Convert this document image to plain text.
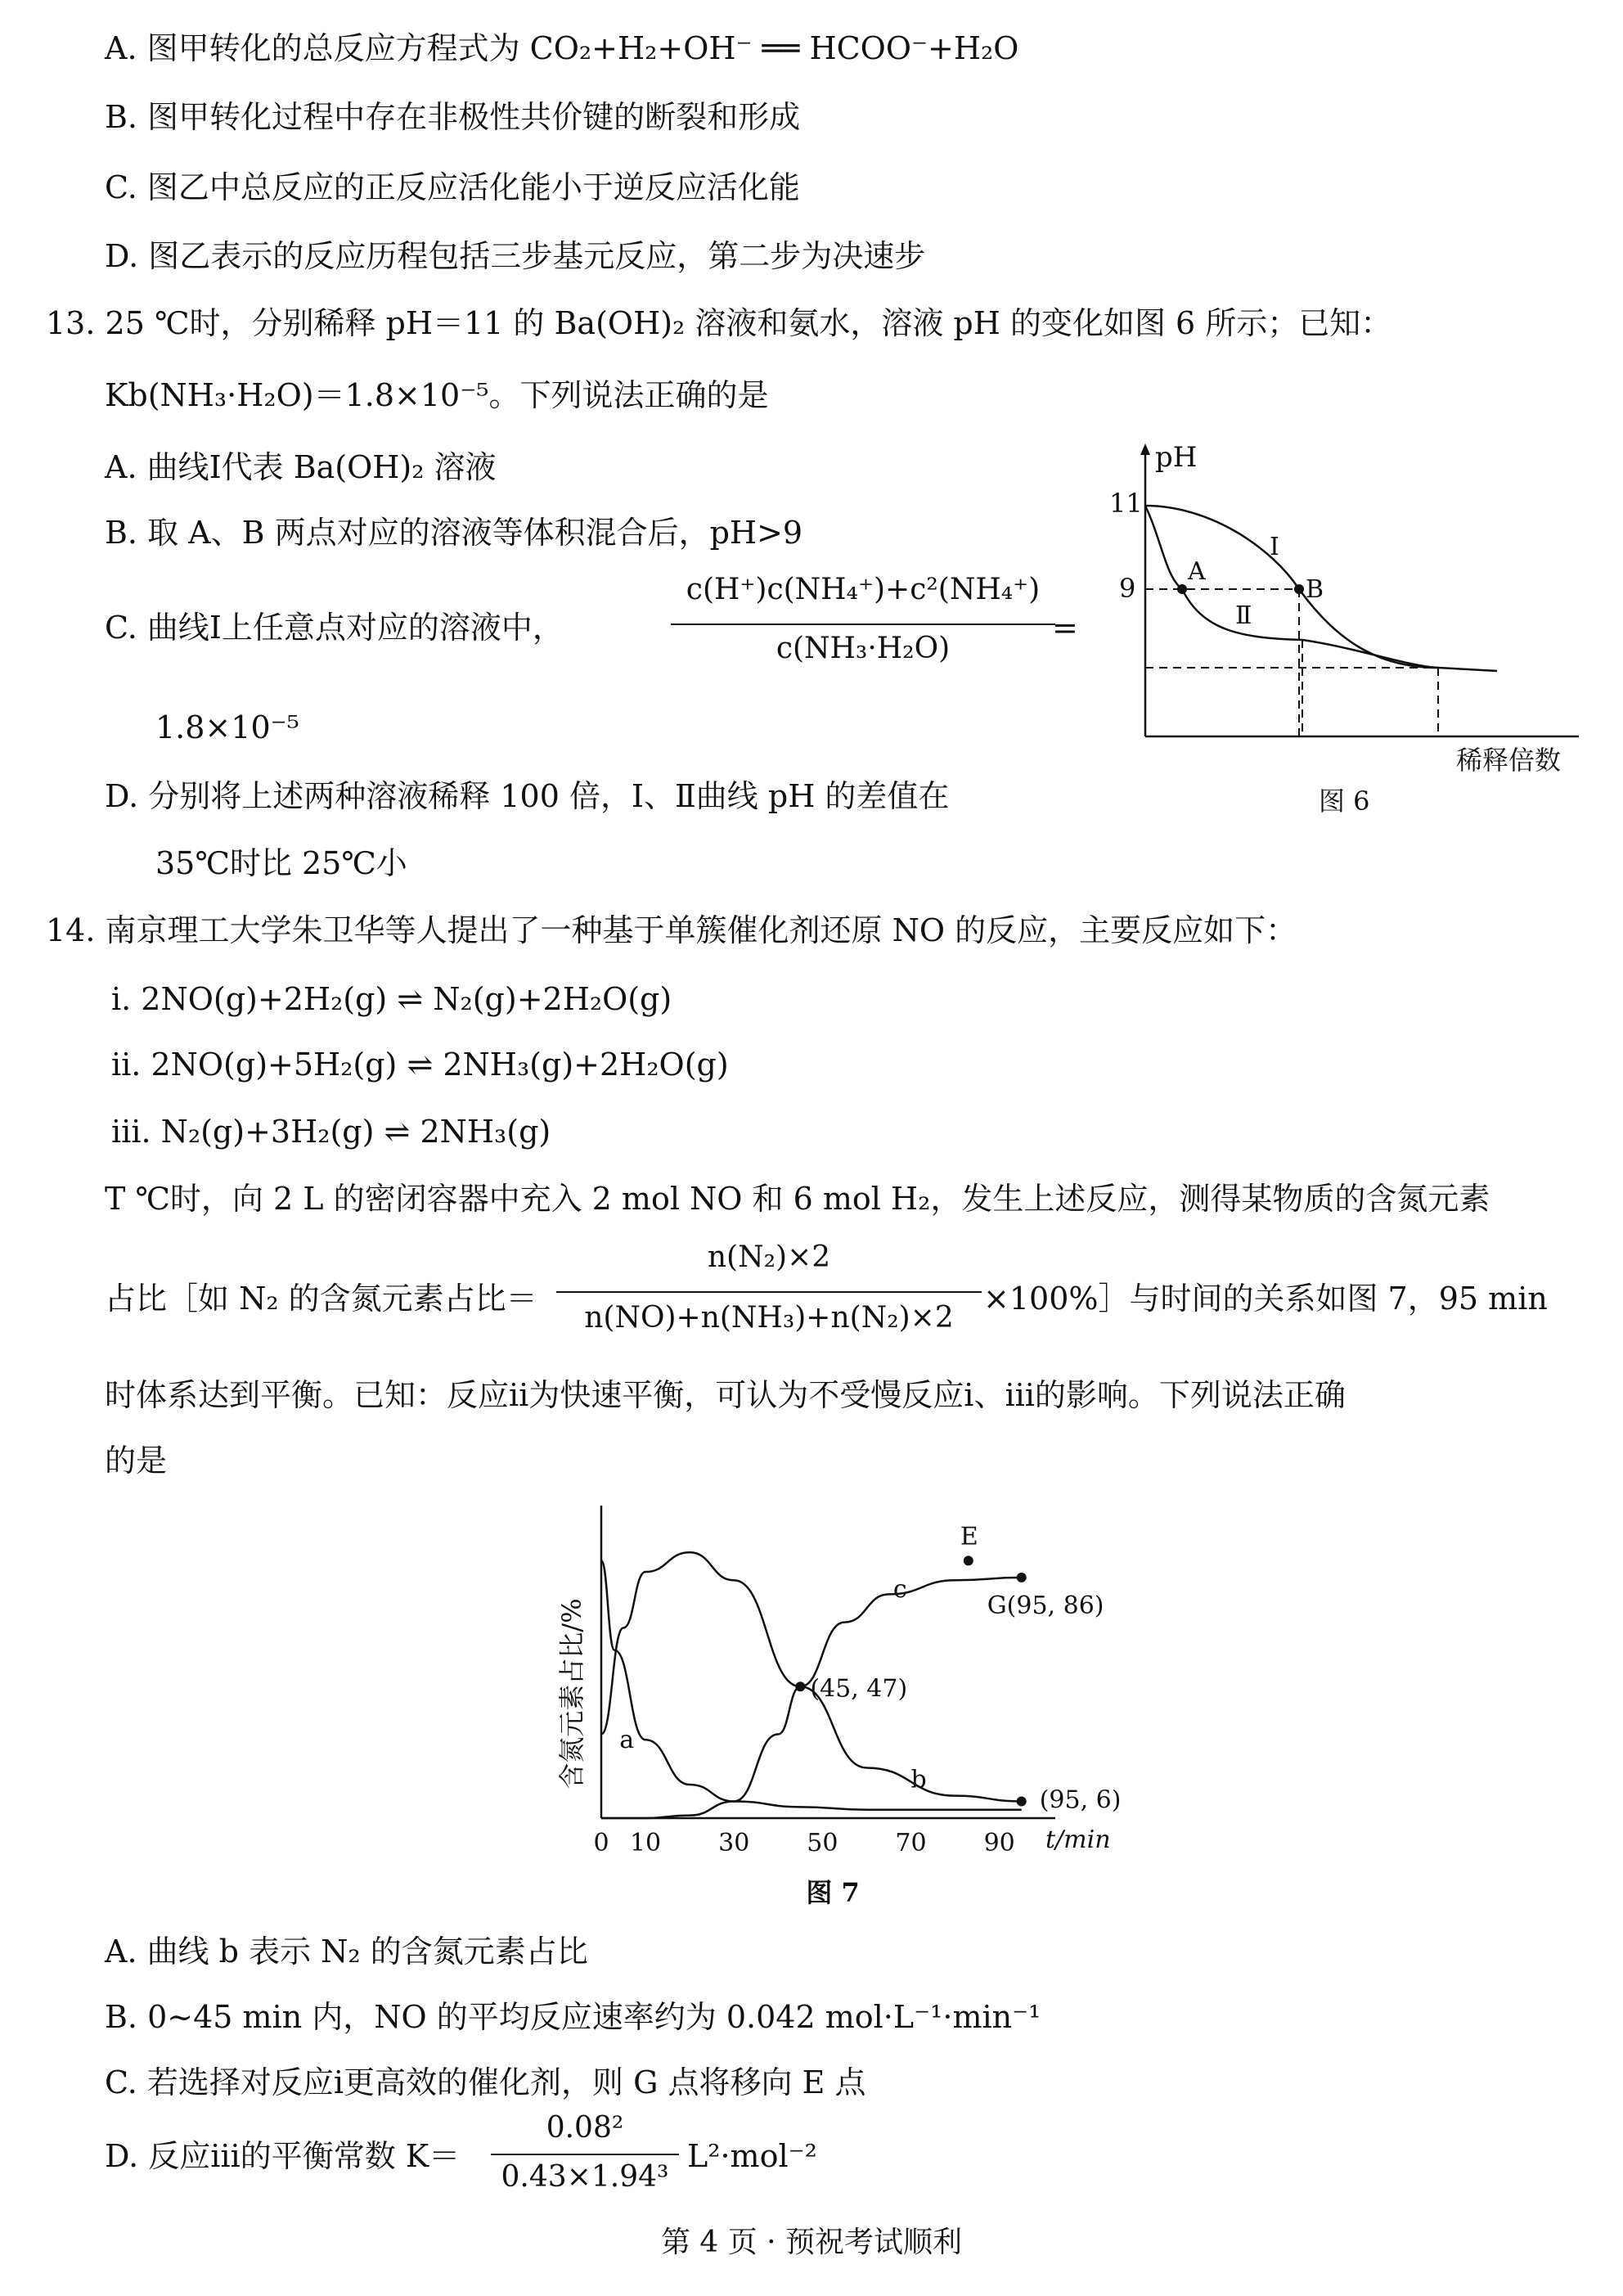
A. 图甲转化的总反应方程式为 CO₂+H₂+OH⁻ ══ HCOO⁻+H₂O
B. 图甲转化过程中存在非极性共价键的断裂和形成
C. 图乙中总反应的正反应活化能小于逆反应活化能
D. 图乙表示的反应历程包括三步基元反应，第二步为决速步
13. 25 ℃时，分别稀释 pH＝11 的 Ba(OH)₂ 溶液和氨水，溶液 pH 的变化如图 6 所示；已知：
Kb(NH₃·H₂O)＝1.8×10⁻⁵。下列说法正确的是
A. 曲线Ⅰ代表 Ba(OH)₂ 溶液
B. 取 A、B 两点对应的溶液等体积混合后，pH>9
C. 曲线Ⅰ上任意点对应的溶液中，
c(H⁺)c(NH₄⁺)+c²(NH₄⁺)
c(NH₃·H₂O)
=
1.8×10⁻⁵
D. 分别将上述两种溶液稀释 100 倍，Ⅰ、Ⅱ曲线 pH 的差值在
35℃时比 25℃小
pH
稀释倍数
11
9
A
B
Ⅰ
Ⅱ
图 6
14. 南京理工大学朱卫华等人提出了一种基于单簇催化剂还原 NO 的反应，主要反应如下：
ⅰ. 2NO(g)+2H₂(g) ⇌ N₂(g)+2H₂O(g)
ⅱ. 2NO(g)+5H₂(g) ⇌ 2NH₃(g)+2H₂O(g)
ⅲ. N₂(g)+3H₂(g) ⇌ 2NH₃(g)
T ℃时，向 2 L 的密闭容器中充入 2 mol NO 和 6 mol H₂，发生上述反应，测得某物质的含氮元素
占比［如 N₂ 的含氮元素占比＝
n(N₂)×2
n(NO)+n(NH₃)+n(N₂)×2
×100%］与时间的关系如图 7，95 min
时体系达到平衡。已知：反应ⅱ为快速平衡，可认为不受慢反应ⅰ、ⅲ的影响。下列说法正确
的是
含氮元素占比/%
0 10 30 50 70 90 t/min
a
b
c
E
G(95, 86)
(45, 47)
(95, 6)
图 7
A. 曲线 b 表示 N₂ 的含氮元素占比
B. 0~45 min 内，NO 的平均反应速率约为 0.042 mol·L⁻¹·min⁻¹
C. 若选择对反应ⅰ更高效的催化剂，则 G 点将移向 E 点
D. 反应ⅲ的平衡常数 K＝
0.08²
0.43×1.94³
L²·mol⁻²
第 4 页 · 预祝考试顺利
